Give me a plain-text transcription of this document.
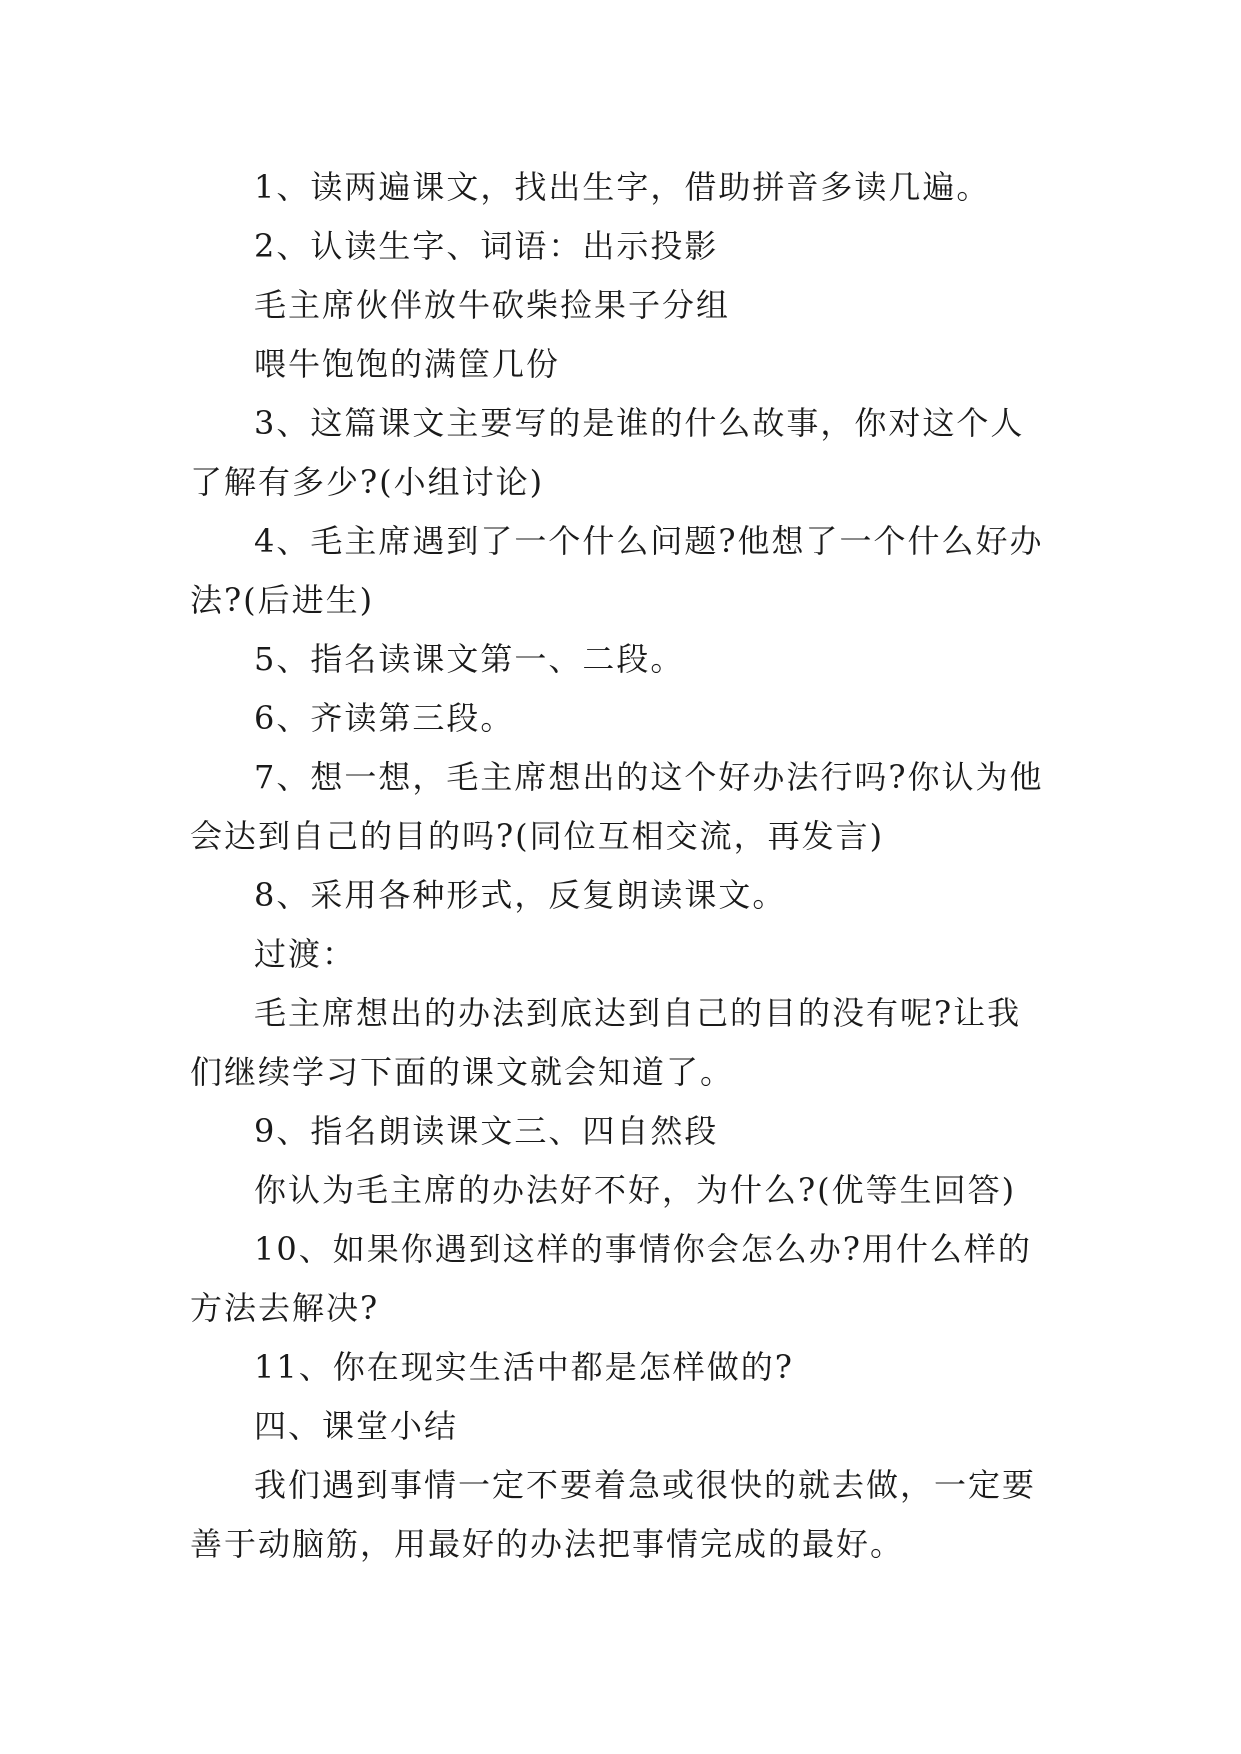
1、读两遍课文，找出生字，借助拼音多读几遍。

2、认读生字、词语：出示投影

毛主席伙伴放牛砍柴捡果子分组

喂牛饱饱的满筐几份

3、这篇课文主要写的是谁的什么故事，你对这个人了解有多少?(小组讨论)

4、毛主席遇到了一个什么问题?他想了一个什么好办法?(后进生)

5、指名读课文第一、二段。

6、齐读第三段。

7、想一想，毛主席想出的这个好办法行吗?你认为他会达到自己的目的吗?(同位互相交流，再发言)

8、采用各种形式，反复朗读课文。

过渡：

毛主席想出的办法到底达到自己的目的没有呢?让我们继续学习下面的课文就会知道了。

9、指名朗读课文三、四自然段

你认为毛主席的办法好不好，为什么?(优等生回答)

10、如果你遇到这样的事情你会怎么办?用什么样的方法去解决?

11、你在现实生活中都是怎样做的?

四、课堂小结

我们遇到事情一定不要着急或很快的就去做，一定要善于动脑筋，用最好的办法把事情完成的最好。
